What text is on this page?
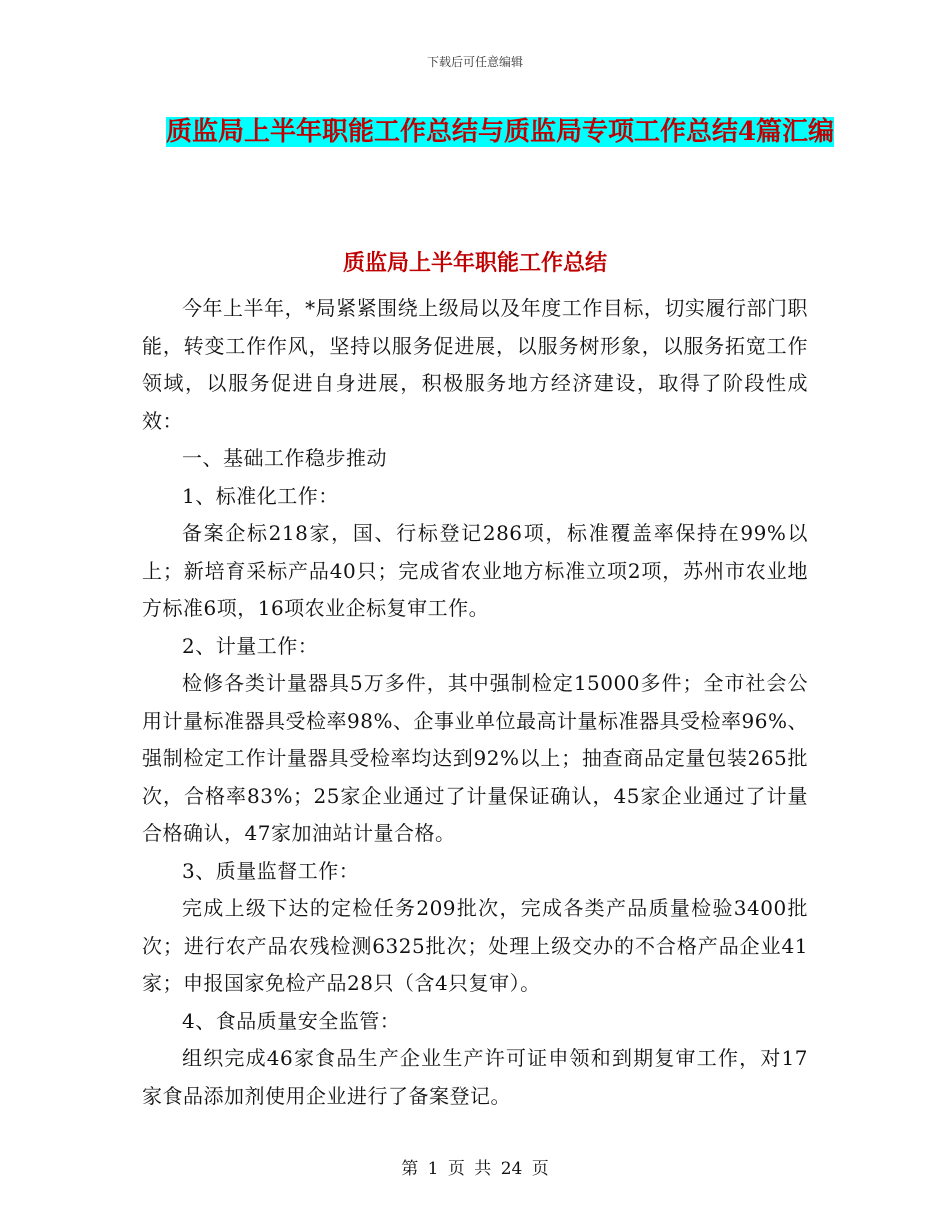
下载后可任意编辑
质监局上半年职能工作总结与质监局专项工作总结4篇汇编
质监局上半年职能工作总结

今年上半年，*局紧紧围绕上级局以及年度工作目标，切实履行部门职能，转变工作作风，坚持以服务促进展，以服务树形象，以服务拓宽工作领域，以服务促进自身进展，积极服务地方经济建设，取得了阶段性成效：

一、基础工作稳步推动

1、标准化工作：

备案企标218家，国、行标登记286项，标准覆盖率保持在99%以上；新培育采标产品40只；完成省农业地方标准立项2项，苏州市农业地方标准6项，16项农业企标复审工作。

2、计量工作：

检修各类计量器具5万多件，其中强制检定15000多件；全市社会公用计量标准器具受检率98%、企事业单位最高计量标准器具受检率96%、强制检定工作计量器具受检率均达到92%以上；抽查商品定量包装265批次，合格率83%；25家企业通过了计量保证确认，45家企业通过了计量合格确认，47家加油站计量合格。

3、质量监督工作：

完成上级下达的定检任务209批次，完成各类产品质量检验3400批次；进行农产品农残检测6325批次；处理上级交办的不合格产品企业41家；申报国家免检产品28只（含4只复审）。

4、食品质量安全监管：

组织完成46家食品生产企业生产许可证申领和到期复审工作，对17家食品添加剂使用企业进行了备案登记。

第 1 页 共 24 页
